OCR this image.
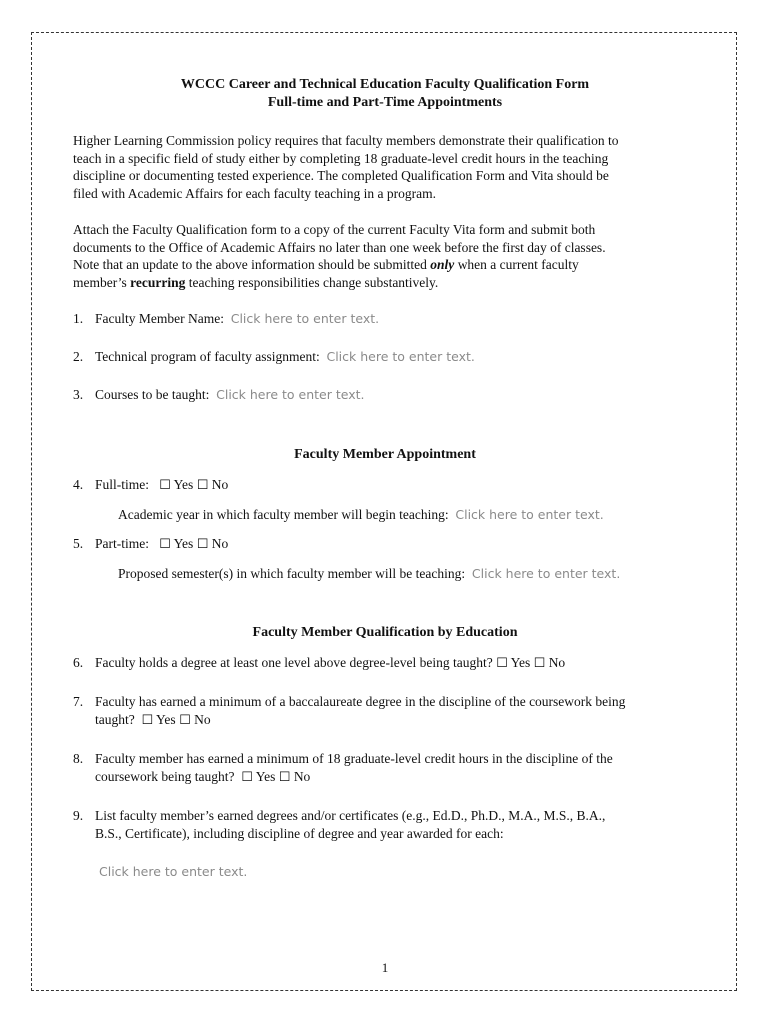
WCCC Career and Technical Education Faculty Qualification Form
Full-time and Part-Time Appointments
Higher Learning Commission policy requires that faculty members demonstrate their qualification to
teach in a specific field of study either by completing 18 graduate-level credit hours in the teaching
discipline or documenting tested experience. The completed Qualification Form and Vita should be
filed with Academic Affairs for each faculty teaching in a program.
Attach the Faculty Qualification form to a copy of the current Faculty Vita form and submit both
documents to the Office of Academic Affairs no later than one week before the first day of classes.
Note that an update to the above information should be submitted only when a current faculty
member’s recurring teaching responsibilities change substantively.
1. Faculty Member Name: Click here to enter text.
2. Technical program of faculty assignment: Click here to enter text.
3. Courses to be taught: Click here to enter text.
Faculty Member Appointment
4. Full-time: ☐ Yes ☐ No
Academic year in which faculty member will begin teaching: Click here to enter text.
5. Part-time: ☐ Yes ☐ No
Proposed semester(s) in which faculty member will be teaching: Click here to enter text.
Faculty Member Qualification by Education
6. Faculty holds a degree at least one level above degree-level being taught? ☐ Yes ☐ No
7. Faculty has earned a minimum of a baccalaureate degree in the discipline of the coursework being
taught? ☐ Yes ☐ No
8. Faculty member has earned a minimum of 18 graduate-level credit hours in the discipline of the
coursework being taught? ☐ Yes ☐ No
9. List faculty member’s earned degrees and/or certificates (e.g., Ed.D., Ph.D., M.A., M.S., B.A.,
B.S., Certificate), including discipline of degree and year awarded for each:
Click here to enter text.
1
